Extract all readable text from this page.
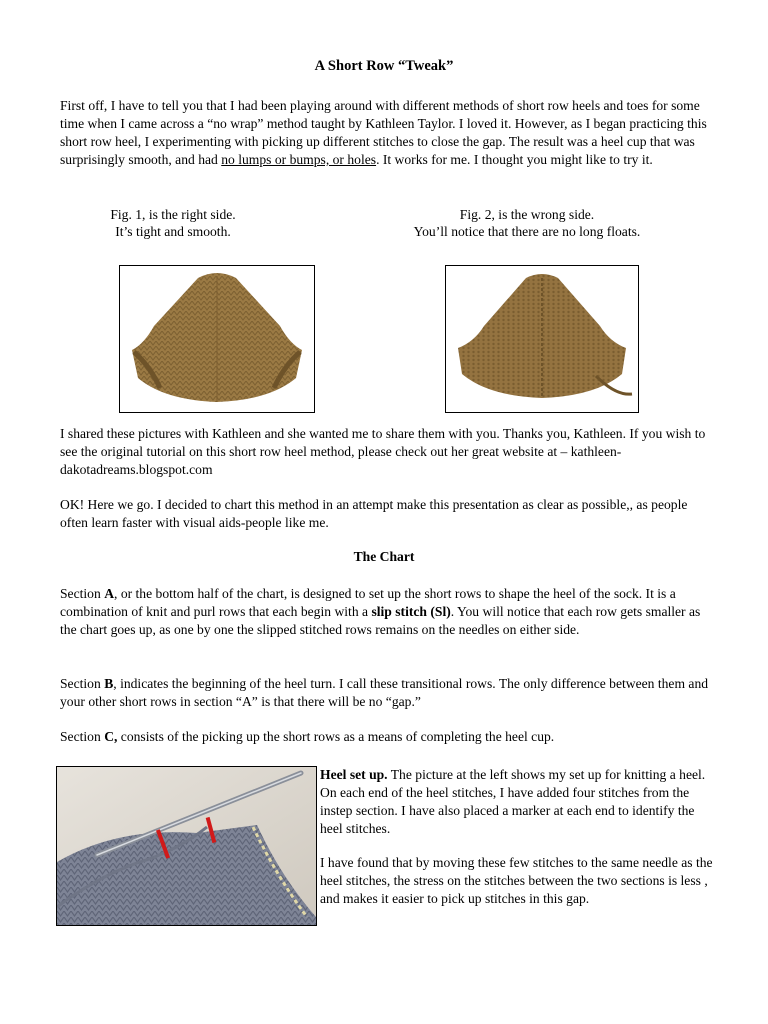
A Short Row “Tweak”

First off, I have to tell you that I had been playing around with different methods of short row heels and toes for some time when I came across a “no wrap” method taught by Kathleen Taylor. I loved it. However, as I began practicing this short row heel, I experimenting with picking up different stitches to close the gap. The result was a heel cup that was surprisingly smooth, and had no lumps or bumps, or holes. It works for me. I thought you might like to try it.

Fig. 1, is the right side.
It’s tight and smooth.
Fig. 2, is the wrong side.
You’ll notice that there are no long floats.

I shared these pictures with Kathleen and she wanted me to share them with you. Thanks you, Kathleen. If you wish to see the original tutorial on this short row heel method, please check out her great website at – kathleen-dakotadreams.blogspot.com

OK! Here we go. I decided to chart this method in an attempt make this presentation as clear as possible,, as people often learn faster with visual aids-people like me.

The Chart

Section A, or the bottom half of the chart, is designed to set up the short rows to shape the heel of the sock. It is a combination of knit and purl rows that each begin with a slip stitch (Sl). You will notice that each row gets smaller as the chart goes up, as one by one the slipped stitched rows remains on the needles on either side.

Section B, indicates the beginning of the heel turn. I call these transitional rows. The only difference between them and your other short rows in section “A” is that there will be no “gap.”

Section C, consists of the picking up the short rows as a means of completing the heel cup.

Heel set up. The picture at the left shows my set up for knitting a heel. On each end of the heel stitches, I have added four stitches from the instep section. I have also placed a marker at each end to identify the heel stitches.

I have found that by moving these few stitches to the same needle as the heel stitches, the stress on the stitches between the two sections is less , and makes it easier to pick up stitches in this gap.
